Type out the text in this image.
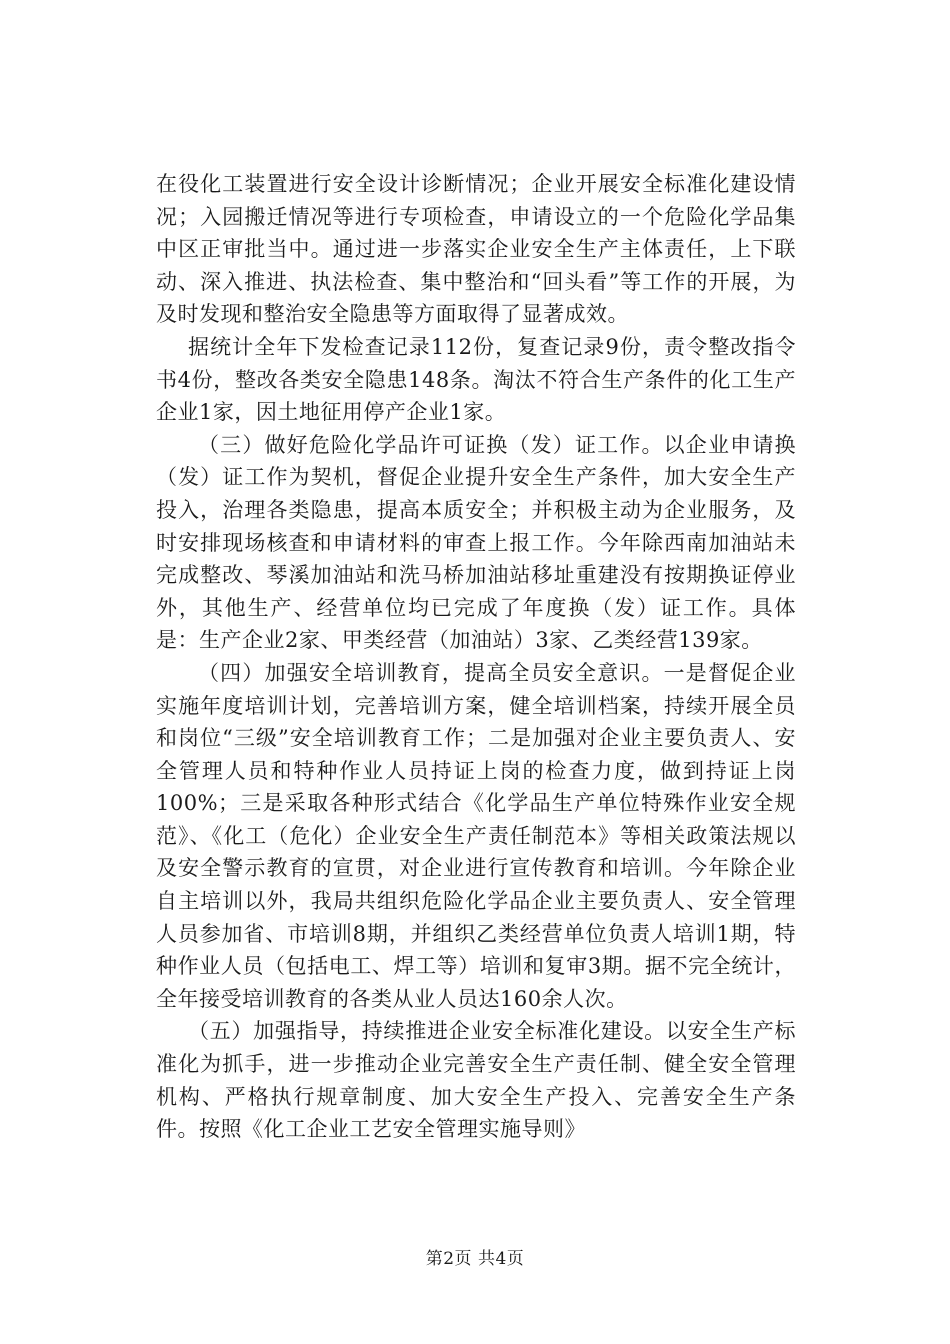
在役化工装置进行安全设计诊断情况；企业开展安全标准化建设情况；入园搬迁情况等进行专项检查，申请设立的一个危险化学品集中区正审批当中。通过进一步落实企业安全生产主体责任，上下联动、深入推进、执法检查、集中整治和“回头看”等工作的开展，为及时发现和整治安全隐患等方面取得了显著成效。

据统计全年下发检查记录112份，复查记录9份，责令整改指令书4份，整改各类安全隐患148条。淘汰不符合生产条件的化工生产企业1家，因土地征用停产企业1家。

（三）做好危险化学品许可证换（发）证工作。以企业申请换（发）证工作为契机，督促企业提升安全生产条件，加大安全生产投入，治理各类隐患，提高本质安全；并积极主动为企业服务，及时安排现场核查和申请材料的审查上报工作。今年除西南加油站未完成整改、琴溪加油站和洗马桥加油站移址重建没有按期换证停业外，其他生产、经营单位均已完成了年度换（发）证工作。具体是：生产企业2家、甲类经营（加油站）3家、乙类经营139家。

（四）加强安全培训教育，提高全员安全意识。一是督促企业实施年度培训计划，完善培训方案，健全培训档案，持续开展全员和岗位“三级”安全培训教育工作；二是加强对企业主要负责人、安全管理人员和特种作业人员持证上岗的检查力度，做到持证上岗100%；三是采取各种形式结合《化学品生产单位特殊作业安全规范》、《化工（危化）企业安全生产责任制范本》等相关政策法规以及安全警示教育的宣贯，对企业进行宣传教育和培训。今年除企业自主培训以外，我局共组织危险化学品企业主要负责人、安全管理人员参加省、市培训8期，并组织乙类经营单位负责人培训1期，特种作业人员（包括电工、焊工等）培训和复审3期。据不完全统计，全年接受培训教育的各类从业人员达160余人次。

（五）加强指导，持续推进企业安全标准化建设。以安全生产标准化为抓手，进一步推动企业完善安全生产责任制、健全安全管理机构、严格执行规章制度、加大安全生产投入、完善安全生产条件。按照《化工企业工艺安全管理实施导则》

第2页 共4页
